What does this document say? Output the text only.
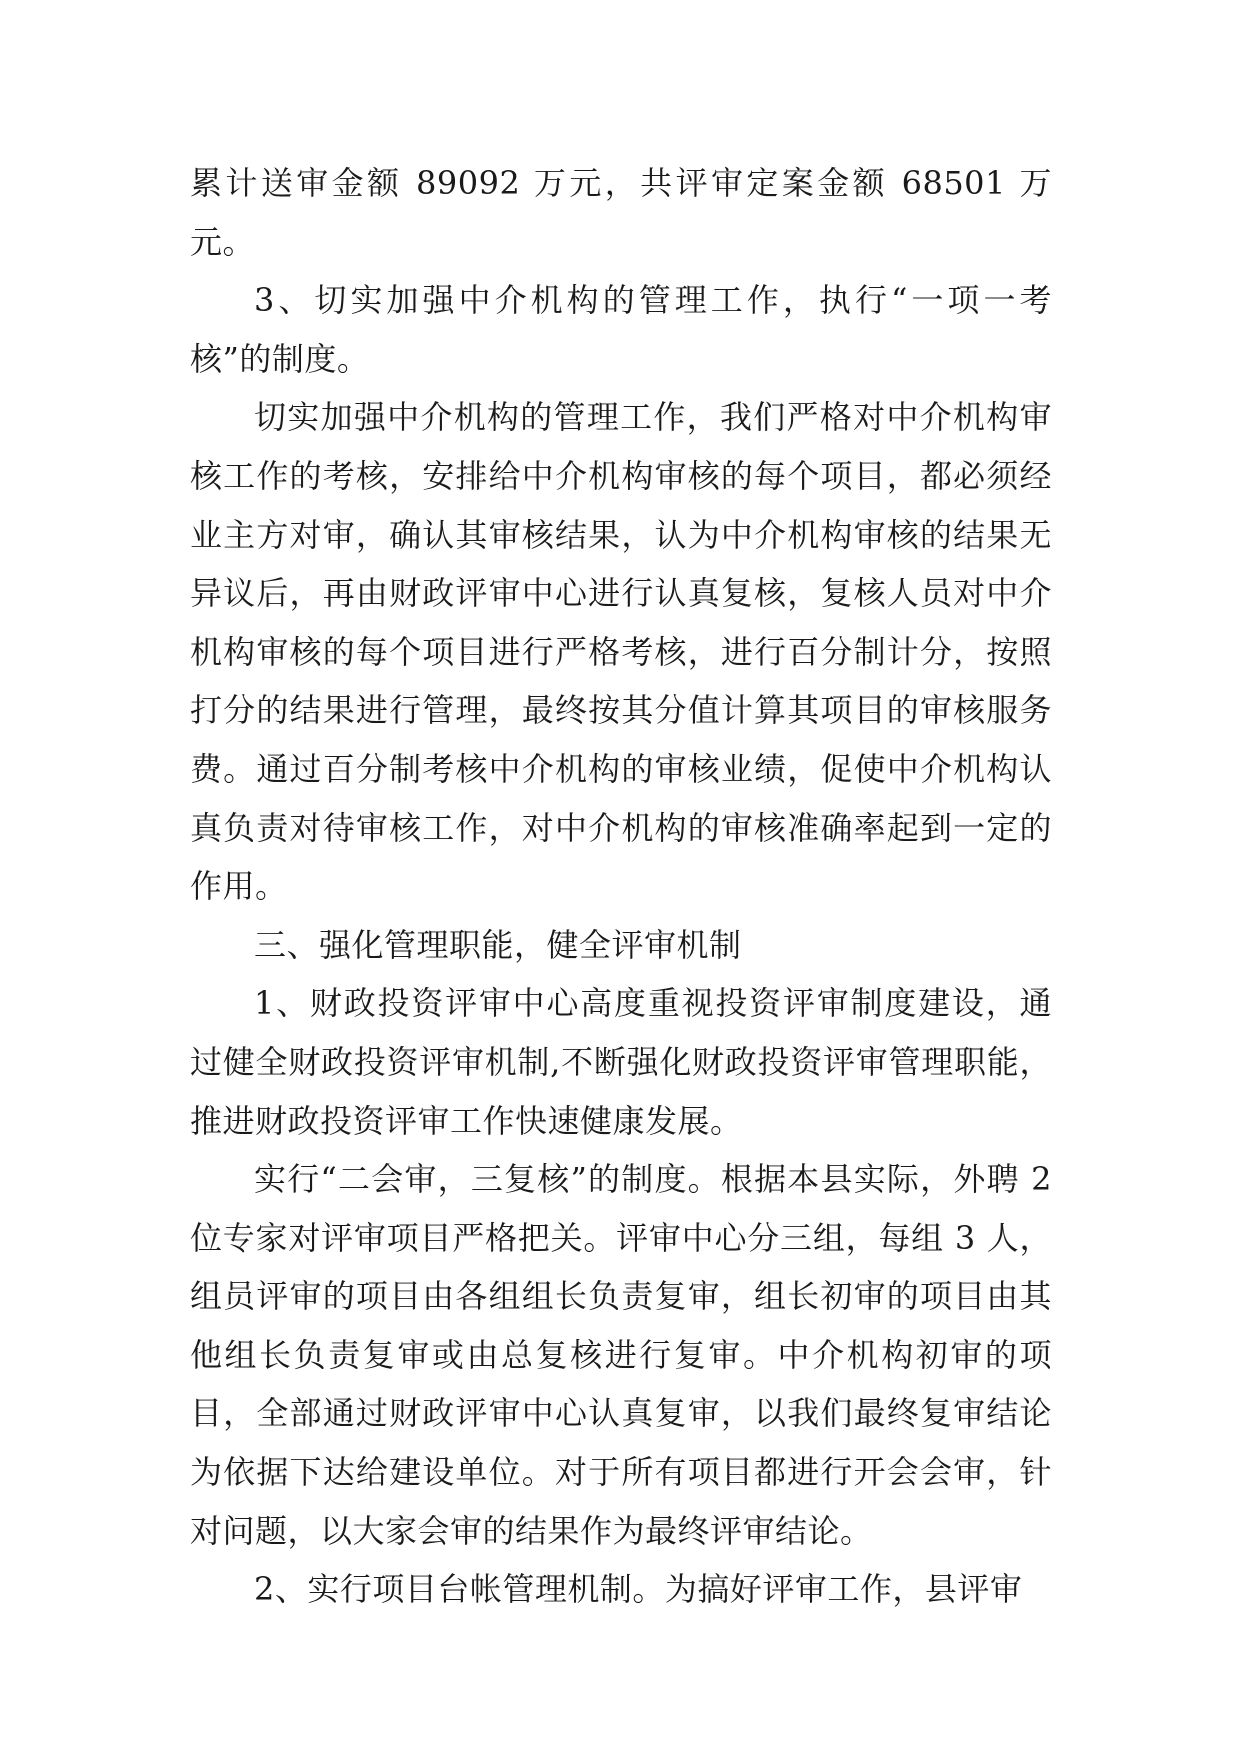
累计送审金额 89092 万元，共评审定案金额 68501 万元。

3、切实加强中介机构的管理工作，执行“一项一考核”的制度。

切实加强中介机构的管理工作，我们严格对中介机构审核工作的考核，安排给中介机构审核的每个项目，都必须经业主方对审，确认其审核结果，认为中介机构审核的结果无异议后，再由财政评审中心进行认真复核，复核人员对中介机构审核的每个项目进行严格考核，进行百分制计分，按照打分的结果进行管理，最终按其分值计算其项目的审核服务费。通过百分制考核中介机构的审核业绩，促使中介机构认真负责对待审核工作，对中介机构的审核准确率起到一定的作用。

三、强化管理职能，健全评审机制

1、财政投资评审中心高度重视投资评审制度建设，通过健全财政投资评审机制,不断强化财政投资评审管理职能，推进财政投资评审工作快速健康发展。

实行“二会审，三复核”的制度。根据本县实际，外聘 2 位专家对评审项目严格把关。评审中心分三组，每组 3 人，组员评审的项目由各组组长负责复审，组长初审的项目由其他组长负责复审或由总复核进行复审。中介机构初审的项目，全部通过财政评审中心认真复审，以我们最终复审结论为依据下达给建设单位。对于所有项目都进行开会会审，针对问题，以大家会审的结果作为最终评审结论。

2、实行项目台帐管理机制。为搞好评审工作，县评审
